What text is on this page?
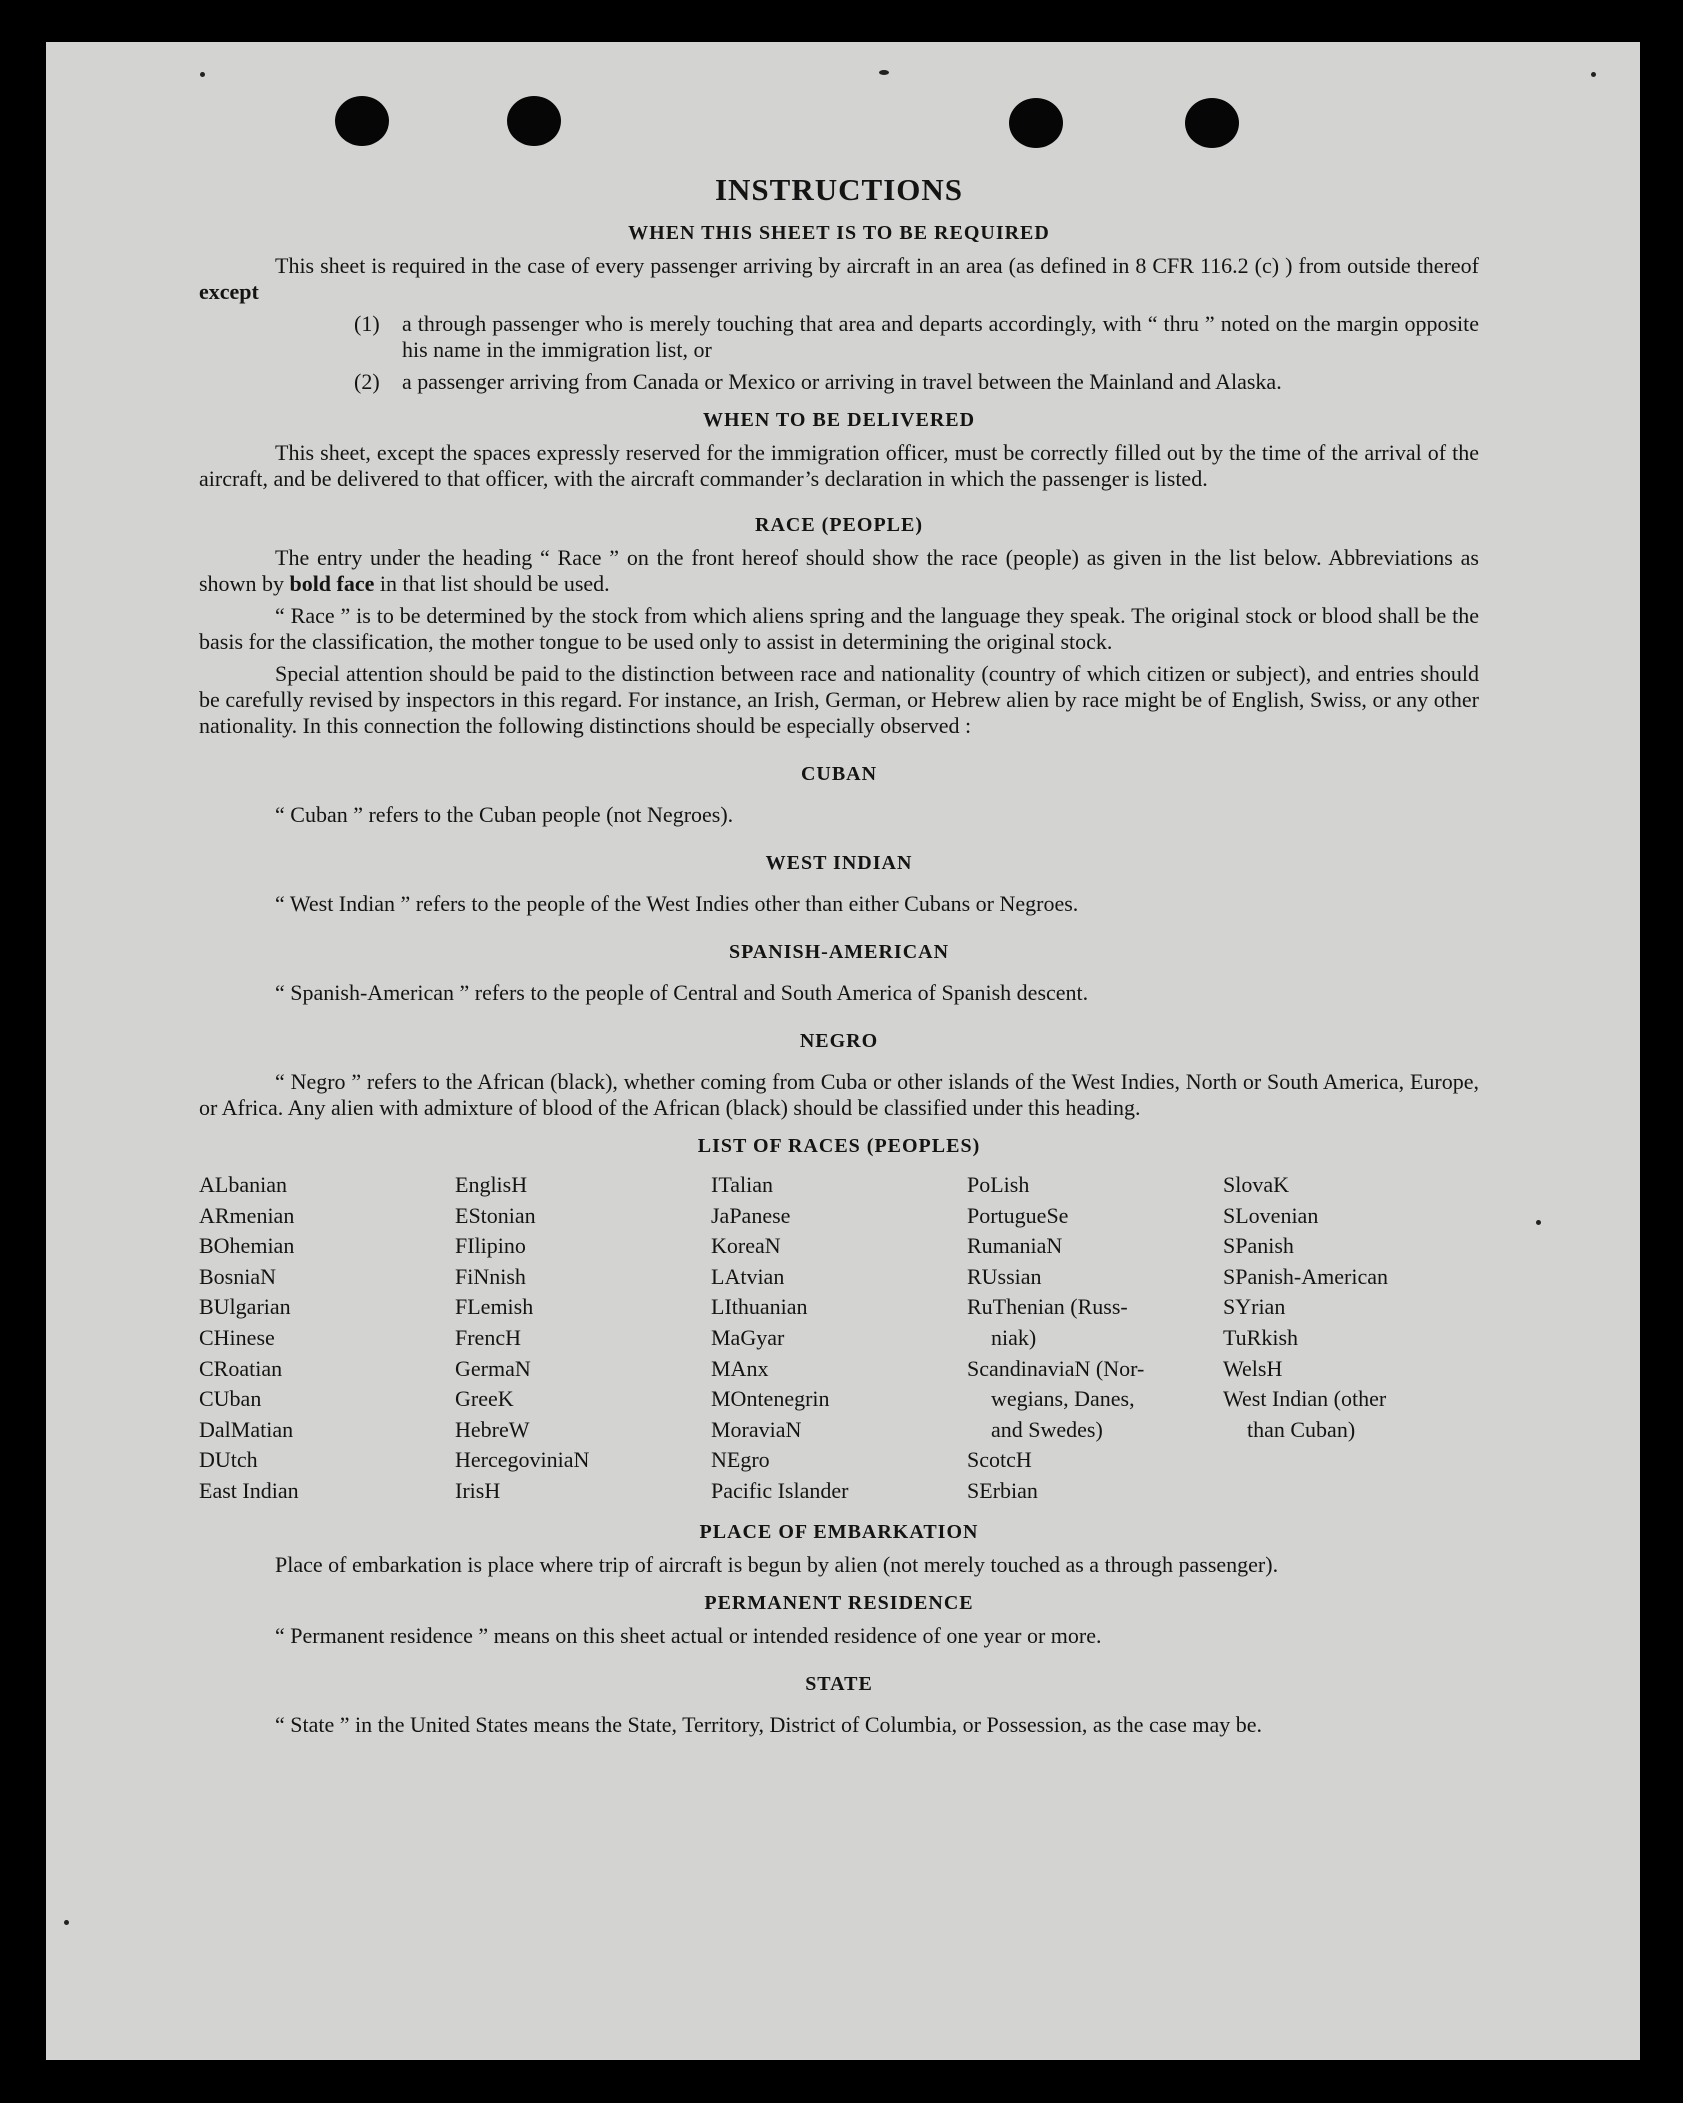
INSTRUCTIONS
WHEN THIS SHEET IS TO BE REQUIRED

This sheet is required in the case of every passenger arriving by aircraft in an area (as defined in 8 CFR 116.2 (c) ) from outside thereof except

(1)	a through passenger who is merely touching that area and departs accordingly, with “ thru ” noted on the margin opposite his name in the immigration list, or
(2)	a passenger arriving from Canada or Mexico or arriving in travel between the Mainland and Alaska.
WHEN TO BE DELIVERED

This sheet, except the spaces expressly reserved for the immigration officer, must be correctly filled out by the time of the arrival of the aircraft, and be delivered to that officer, with the aircraft commander’s declaration in which the passenger is listed.

RACE (PEOPLE)

The entry under the heading “ Race ” on the front hereof should show the race (people) as given in the list below. Abbreviations as shown by bold face in that list should be used.

“ Race ” is to be determined by the stock from which aliens spring and the language they speak. The original stock or blood shall be the basis for the classification, the mother tongue to be used only to assist in determining the original stock.

Special attention should be paid to the distinction between race and nationality (country of which citizen or subject), and entries should be carefully revised by inspectors in this regard. For instance, an Irish, German, or Hebrew alien by race might be of English, Swiss, or any other nationality. In this connection the following distinctions should be especially observed :

CUBAN

“ Cuban ” refers to the Cuban people (not Negroes).

WEST INDIAN

“ West Indian ” refers to the people of the West Indies other than either Cubans or Negroes.

SPANISH-AMERICAN

“ Spanish-American ” refers to the people of Central and South America of Spanish descent.

NEGRO

“ Negro ” refers to the African (black), whether coming from Cuba or other islands of the West Indies, North or South America, Europe, or Africa. Any alien with admixture of blood of the African (black) should be classified under this heading.

LIST OF RACES (PEOPLES)
ALbanian
ARmenian
BOhemian
BosniaN
BUlgarian
CHinese
CRoatian
CUban
DalMatian
DUtch
East Indian
EnglisH
EStonian
FIlipino
FiNnish
FLemish
FrencH
GermaN
GreeK
HebreW
HercegoviniaN
IrisH
ITalian
JaPanese
KoreaN
LAtvian
LIthuanian
MaGyar
MAnx
MOntenegrin
MoraviaN
NEgro
Pacific Islander
PoLish
PortugueSe
RumaniaN
RUssian
RuThenian (Russ-
niak)
ScandinaviaN (Nor-
wegians, Danes,
and Swedes)
ScotcH
SErbian
SlovaK
SLovenian
SPanish
SPanish-American
SYrian
TuRkish
WelsH
West Indian (other
than Cuban)
PLACE OF EMBARKATION

Place of embarkation is place where trip of aircraft is begun by alien (not merely touched as a through passenger).

PERMANENT RESIDENCE

“ Permanent residence ” means on this sheet actual or intended residence of one year or more.

STATE

“ State ” in the United States means the State, Territory, District of Columbia, or Possession, as the case may be.
